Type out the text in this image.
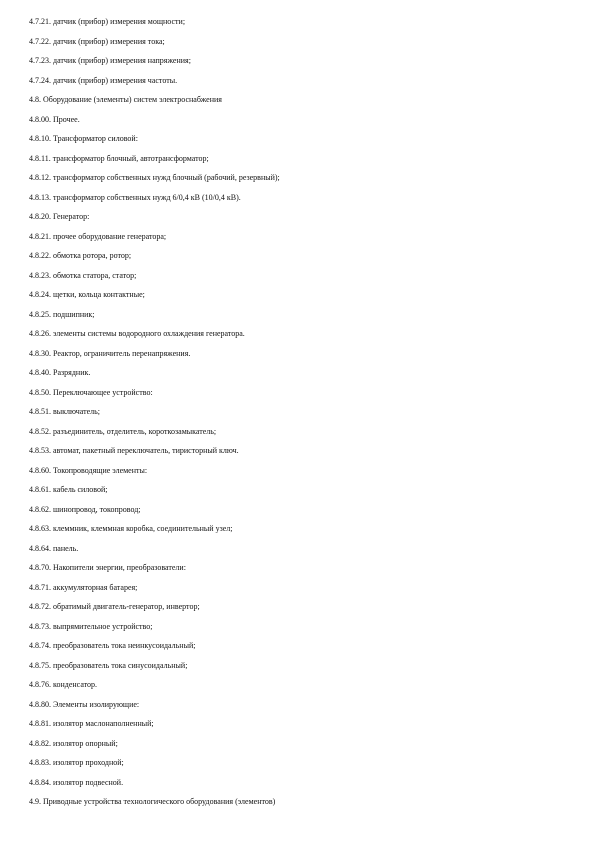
4.7.21. датчик (прибор) измерения мощности;
4.7.22. датчик (прибор) измерения тока;
4.7.23. датчик (прибор) измерения напряжения;
4.7.24. датчик (прибор) измерения частоты.
4.8. Оборудование (элементы) систем электроснабжения
4.8.00. Прочее.
4.8.10. Трансформатор силовой:
4.8.11. трансформатор блочный, автотрансформатор;
4.8.12. трансформатор собственных нужд блочный (рабочий, резервный);
4.8.13. трансформатор собственных нужд 6/0,4 кВ (10/0,4 кВ).
4.8.20. Генератор:
4.8.21. прочее оборудование генератора;
4.8.22. обмотка ротора, ротор;
4.8.23. обмотка статора, статор;
4.8.24. щетки, кольца контактные;
4.8.25. подшипник;
4.8.26. элементы системы водородного охлаждения генератора.
4.8.30. Реактор, ограничитель перенапряжения.
4.8.40. Разрядник.
4.8.50. Переключающее устройство:
4.8.51. выключатель;
4.8.52. разъединитель, отделитель, короткозамыкатель;
4.8.53. автомат, пакетный переключатель, тиристорный ключ.
4.8.60. Токопроводящие элементы:
4.8.61. кабель силовой;
4.8.62. шинопровод, токопровод;
4.8.63. клеммник, клеммная коробка, соединительный узел;
4.8.64. панель.
4.8.70. Накопители энергии, преобразователи:
4.8.71. аккумуляторная батарея;
4.8.72. обратимый двигатель-генератор, инвертор;
4.8.73. выпрямительное устройство;
4.8.74. преобразователь тока неинкусоидальный;
4.8.75. преобразователь тока синусоидальный;
4.8.76. конденсатор.
4.8.80. Элементы изолирующие:
4.8.81. изолятор маслонаполненный;
4.8.82. изолятор опорный;
4.8.83. изолятор проходной;
4.8.84. изолятор подвесной.
4.9. Приводные устройства технологического оборудования (элементов)
